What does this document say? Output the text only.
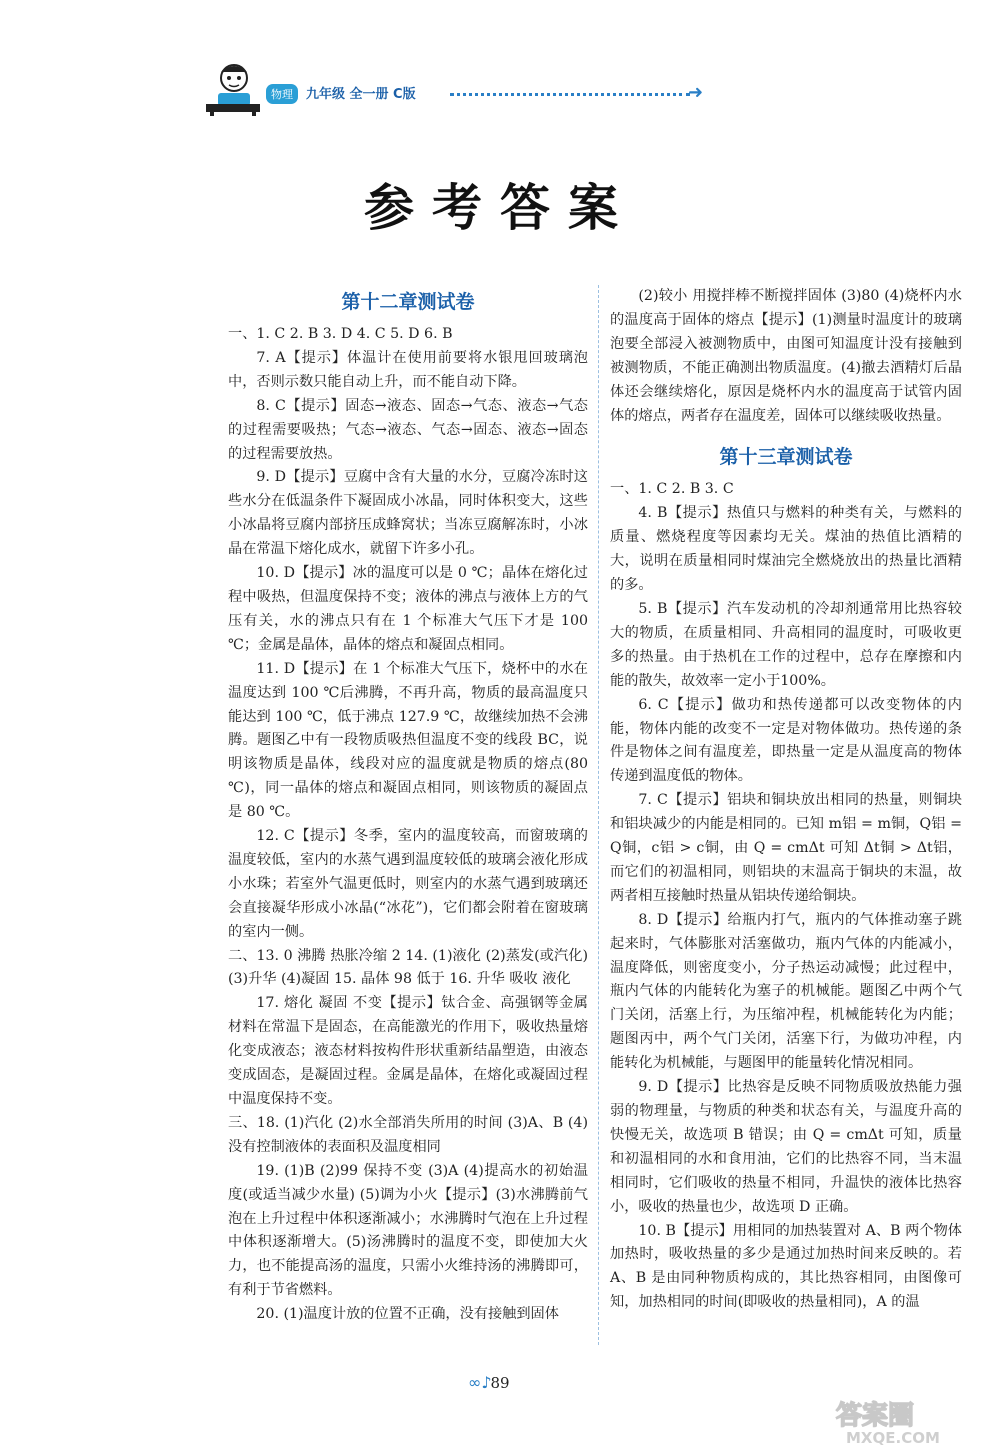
物理	九年级 全一册 C版	➜
参考答案
第十二章测试卷

一、1. C 2. B 3. D 4. C 5. D 6. B

7. A【提示】体温计在使用前要将水银甩回玻璃泡中，否则示数只能自动上升，而不能自动下降。

8. C【提示】固态→液态、固态→气态、液态→气态的过程需要吸热；气态→液态、气态→固态、液态→固态的过程需要放热。

9. D【提示】豆腐中含有大量的水分，豆腐冷冻时这些水分在低温条件下凝固成小冰晶，同时体积变大，这些小冰晶将豆腐内部挤压成蜂窝状；当冻豆腐解冻时，小冰晶在常温下熔化成水，就留下许多小孔。

10. D【提示】冰的温度可以是 0 ℃；晶体在熔化过程中吸热，但温度保持不变；液体的沸点与液体上方的气压有关，水的沸点只有在 1 个标准大气压下才是 100 ℃；金属是晶体，晶体的熔点和凝固点相同。

11. D【提示】在 1 个标准大气压下，烧杯中的水在温度达到 100 ℃后沸腾，不再升高，物质的最高温度只能达到 100 ℃，低于沸点 127.9 ℃，故继续加热不会沸腾。题图乙中有一段物质吸热但温度不变的线段 BC，说明该物质是晶体，线段对应的温度就是物质的熔点(80 ℃)，同一晶体的熔点和凝固点相同，则该物质的凝固点是 80 ℃。

12. C【提示】冬季，室内的温度较高，而窗玻璃的温度较低，室内的水蒸气遇到温度较低的玻璃会液化形成小水珠；若室外气温更低时，则室内的水蒸气遇到玻璃还会直接凝华形成小冰晶(“冰花”)，它们都会附着在窗玻璃的室内一侧。

二、13. 0 沸腾 热胀冷缩 2 14. (1)液化 (2)蒸发(或汽化) (3)升华 (4)凝固 15. 晶体 98 低于 16. 升华 吸收 液化

17. 熔化 凝固 不变【提示】钛合金、高强钢等金属材料在常温下是固态，在高能激光的作用下，吸收热量熔化变成液态；液态材料按构件形状重新结晶塑造，由液态变成固态，是凝固过程。金属是晶体，在熔化或凝固过程中温度保持不变。

三、18. (1)汽化 (2)水全部消失所用的时间 (3)A、B (4)没有控制液体的表面积及温度相同

19. (1)B (2)99 保持不变 (3)A (4)提高水的初始温度(或适当减少水量) (5)调为小火【提示】(3)水沸腾前气泡在上升过程中体积逐渐减小；水沸腾时气泡在上升过程中体积逐渐增大。(5)汤沸腾时的温度不变，即使加大火力，也不能提高汤的温度，只需小火维持汤的沸腾即可，有利于节省燃料。

20. (1)温度计放的位置不正确，没有接触到固体

(2)较小 用搅拌棒不断搅拌固体 (3)80 (4)烧杯内水的温度高于固体的熔点【提示】(1)测量时温度计的玻璃泡要全部浸入被测物质中，由图可知温度计没有接触到被测物质，不能正确测出物质温度。(4)撤去酒精灯后晶体还会继续熔化，原因是烧杯内水的温度高于试管内固体的熔点，两者存在温度差，固体可以继续吸收热量。

第十三章测试卷

一、1. C 2. B 3. C

4. B【提示】热值只与燃料的种类有关，与燃料的质量、燃烧程度等因素均无关。煤油的热值比酒精的大，说明在质量相同时煤油完全燃烧放出的热量比酒精的多。

5. B【提示】汽车发动机的冷却剂通常用比热容较大的物质，在质量相同、升高相同的温度时，可吸收更多的热量。由于热机在工作的过程中，总存在摩擦和内能的散失，故效率一定小于100%。

6. C【提示】做功和热传递都可以改变物体的内能，物体内能的改变不一定是对物体做功。热传递的条件是物体之间有温度差，即热量一定是从温度高的物体传递到温度低的物体。

7. C【提示】铝块和铜块放出相同的热量，则铜块和铝块减少的内能是相同的。已知 m铝 = m铜，Q铝 = Q铜，c铝 > c铜，由 Q = cmΔt 可知 Δt铜 > Δt铝，而它们的初温相同，则铝块的末温高于铜块的末温，故两者相互接触时热量从铝块传递给铜块。

8. D【提示】给瓶内打气，瓶内的气体推动塞子跳起来时，气体膨胀对活塞做功，瓶内气体的内能减小，温度降低，则密度变小，分子热运动减慢；此过程中，瓶内气体的内能转化为塞子的机械能。题图乙中两个气门关闭，活塞上行，为压缩冲程，机械能转化为内能；题图丙中，两个气门关闭，活塞下行，为做功冲程，内能转化为机械能，与题图甲的能量转化情况相同。

9. D【提示】比热容是反映不同物质吸放热能力强弱的物理量，与物质的种类和状态有关，与温度升高的快慢无关，故选项 B 错误；由 Q = cmΔt 可知，质量和初温相同的水和食用油，它们的比热容不同，当末温相同时，它们吸收的热量不相同，升温快的液体比热容小，吸收的热量也少，故选项 D 正确。

10. B【提示】用相同的加热装置对 A、B 两个物体加热时，吸收热量的多少是通过加热时间来反映的。若 A、B 是由同种物质构成的，其比热容相同，由图像可知，加热相同的时间(即吸收的热量相同)，A 的温

∞♪
89
答案圈
MXQE.COM
